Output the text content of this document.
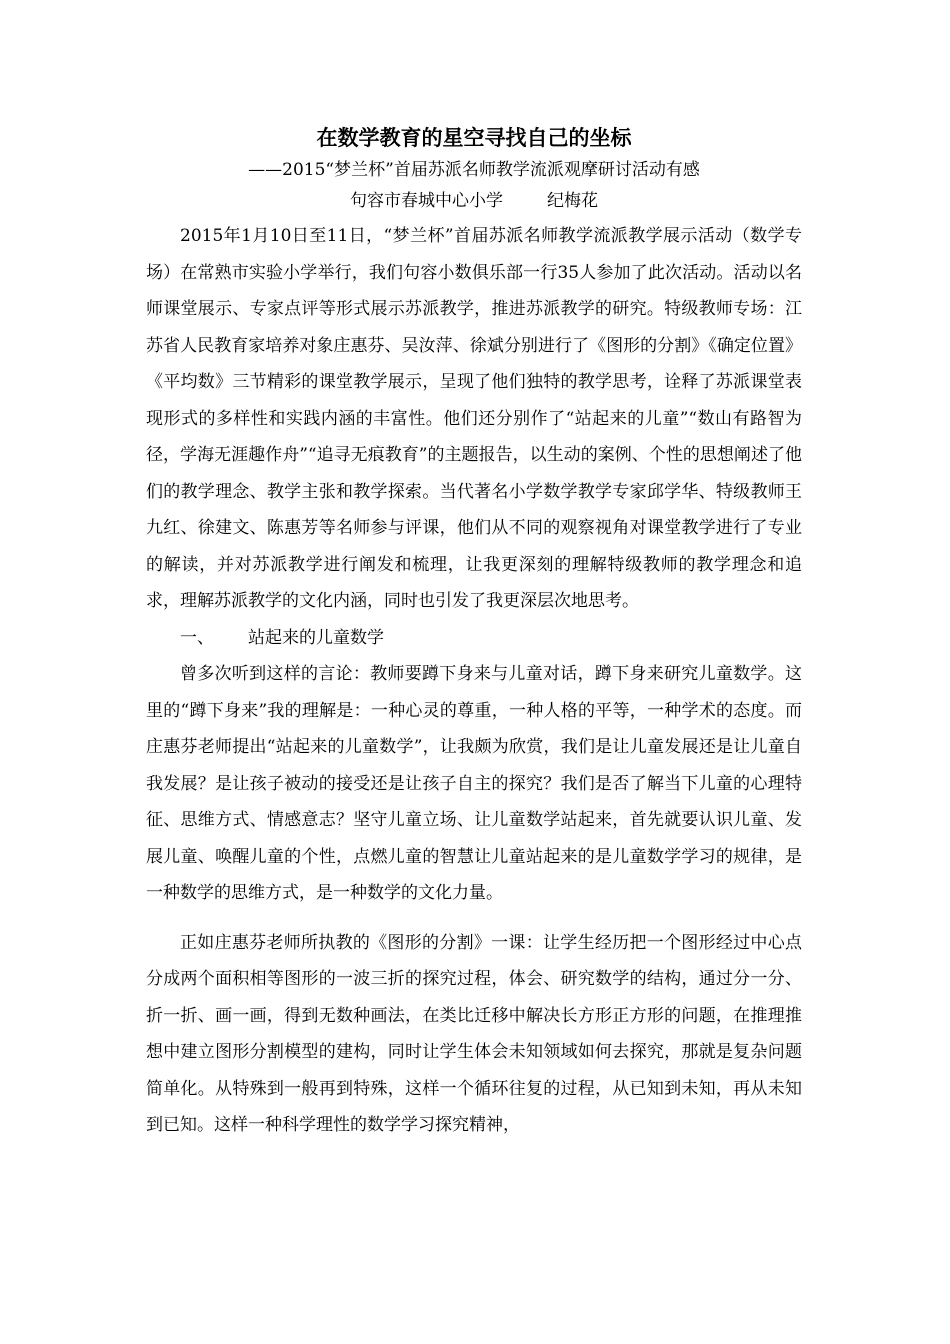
在数学教育的星空寻找自己的坐标
——2015“梦兰杯”首届苏派名师教学流派观摩研讨活动有感
句容市春城中心小学	纪梅花

2015年1月10日至11日，“梦兰杯”首届苏派名师教学流派教学展示活动（数学专场）在常熟市实验小学举行，我们句容小数俱乐部一行35人参加了此次活动。活动以名师课堂展示、专家点评等形式展示苏派教学，推进苏派教学的研究。特级教师专场：江苏省人民教育家培养对象庄惠芬、吴汝萍、徐斌分别进行了《图形的分割》《确定位置》《平均数》三节精彩的课堂教学展示，呈现了他们独特的教学思考，诠释了苏派课堂表现形式的多样性和实践内涵的丰富性。他们还分别作了“站起来的儿童”“数山有路智为径，学海无涯趣作舟”“追寻无痕教育”的主题报告，以生动的案例、个性的思想阐述了他们的教学理念、教学主张和教学探索。当代著名小学数学教学专家邱学华、特级教师王九红、徐建文、陈惠芳等名师参与评课，他们从不同的观察视角对课堂教学进行了专业的解读，并对苏派教学进行阐发和梳理，让我更深刻的理解特级教师的教学理念和追求，理解苏派教学的文化内涵，同时也引发了我更深层次地思考。

一、 站起来的儿童数学

曾多次听到这样的言论：教师要蹲下身来与儿童对话，蹲下身来研究儿童数学。这里的“蹲下身来”我的理解是：一种心灵的尊重，一种人格的平等，一种学术的态度。而庄惠芬老师提出“站起来的儿童数学”，让我颇为欣赏，我们是让儿童发展还是让儿童自我发展？是让孩子被动的接受还是让孩子自主的探究？我们是否了解当下儿童的心理特征、思维方式、情感意志？坚守儿童立场、让儿童数学站起来，首先就要认识儿童、发展儿童、唤醒儿童的个性，点燃儿童的智慧让儿童站起来的是儿童数学学习的规律，是一种数学的思维方式，是一种数学的文化力量。

正如庄惠芬老师所执教的《图形的分割》一课：让学生经历把一个图形经过中心点分成两个面积相等图形的一波三折的探究过程，体会、研究数学的结构，通过分一分、折一折、画一画，得到无数种画法，在类比迁移中解决长方形正方形的问题，在推理推想中建立图形分割模型的建构，同时让学生体会未知领域如何去探究，那就是复杂问题简单化。从特殊到一般再到特殊，这样一个循环往复的过程，从已知到未知，再从未知到已知。这样一种科学理性的数学学习探究精神，
